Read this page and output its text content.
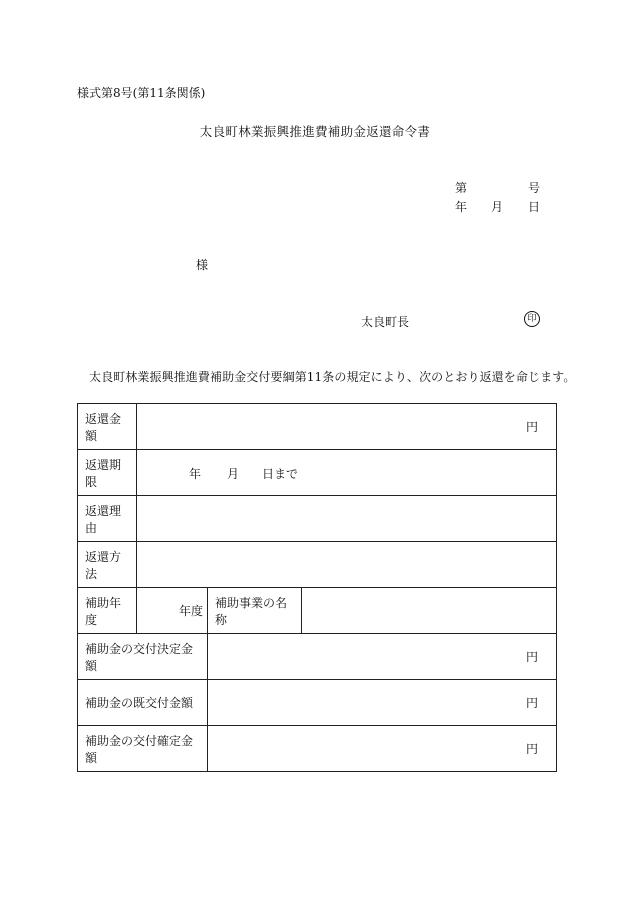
様式第8号(第11条関係)
太良町林業振興推進費補助金返還命令書
第	号
年 月 日
様
太良町長	印
太良町林業振興推進費補助金交付要綱第11条の規定により、次のとおり返還を命じます。
返還金額	円		
返還期限	年 月 日まで		

返還理由			
返還方法			
補助年度	年度	補助事業の名称	
補助金の交付決定金額		円	
補助金の既交付金額		円	
補助金の交付確定金額		円	
